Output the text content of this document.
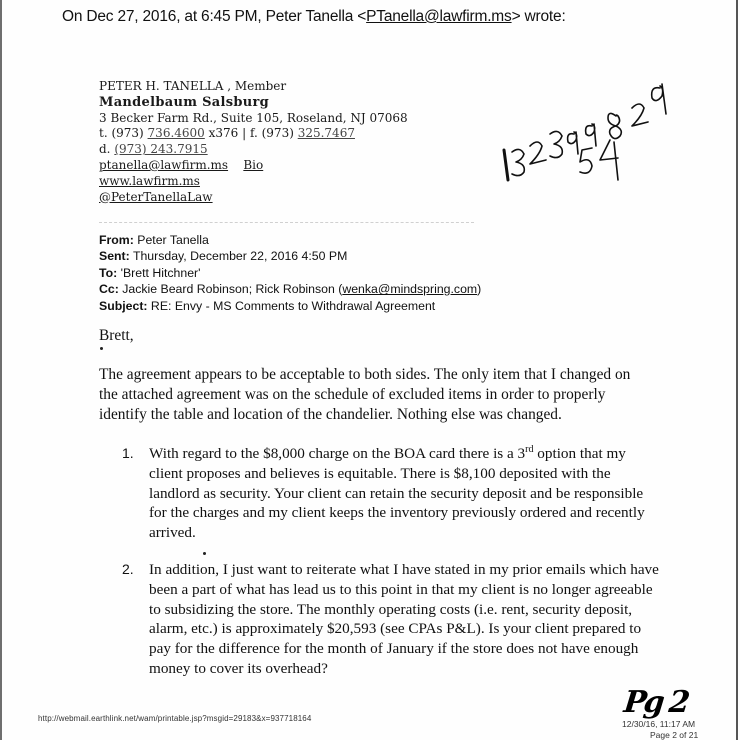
On Dec 27, 2016, at 6:45 PM, Peter Tanella <PTanella@lawfirm.ms> wrote:
PETER H. TANELLA , Member
Mandelbaum Salsburg
3 Becker Farm Rd., Suite 105, Roseland, NJ 07068
t. (973) 736.4600 x376 | f. (973) 325.7467
d. (973) 243.7915
ptanella@lawfirm.ms Bio
www.lawfirm.ms
@PeterTanellaLaw
1323998829 54
From: Peter Tanella
Sent: Thursday, December 22, 2016 4:50 PM
To: 'Brett Hitchner'
Cc: Jackie Beard Robinson; Rick Robinson (wenka@mindspring.com)
Subject: RE: Envy - MS Comments to Withdrawal Agreement
Brett,
The agreement appears to be acceptable to both sides. The only item that I changed on the attached agreement was on the schedule of excluded items in order to properly identify the table and location of the chandelier. Nothing else was changed.
1. With regard to the $8,000 charge on the BOA card there is a 3rd option that my client proposes and believes is equitable. There is $8,100 deposited with the landlord as security. Your client can retain the security deposit and be responsible for the charges and my client keeps the inventory previously ordered and recently arrived.
2. In addition, I just want to reiterate what I have stated in my prior emails which have been a part of what has lead us to this point in that my client is no longer agreeable to subsidizing the store. The monthly operating costs (i.e. rent, security deposit, alarm, etc.) is approximately $20,593 (see CPAs P&L). Is your client prepared to pay for the difference for the month of January if the store does not have enough money to cover its overhead?
http://webmail.earthlink.net/wam/printable.jsp?msgid=29183&x=937718164
12/30/16, 11:17 AM
Page 2 of 21
Pg 2
